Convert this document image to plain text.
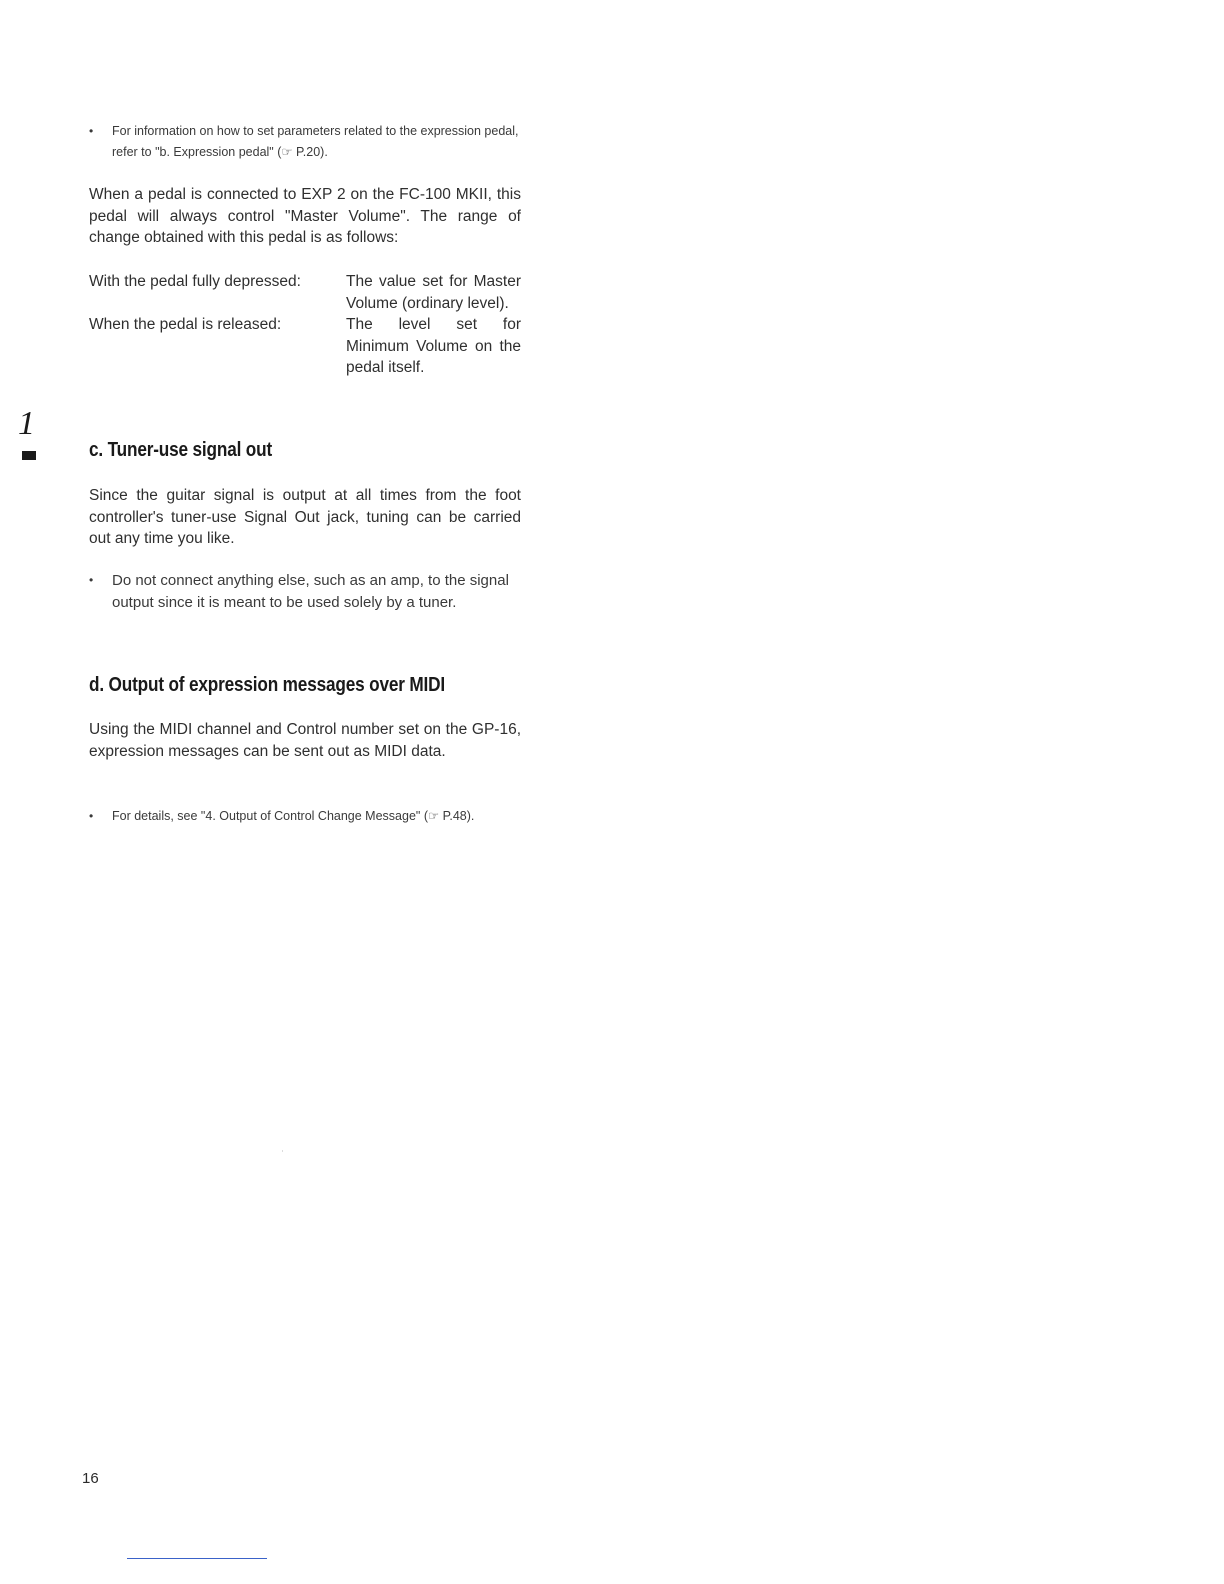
1
• For information on how to set parameters related to the expression pedal, refer to "b. Expression pedal" (☞ P.20).
When a pedal is connected to EXP 2 on the FC-100 MKII, this pedal will always control "Master Volume". The range of change obtained with this pedal is as follows:
With the pedal fully depressed:	The value set for Master Volume (ordinary level).
When the pedal is released:	The level set for Minimum Volume on the pedal itself.
c. Tuner-use signal out
Since the guitar signal is output at all times from the foot controller's tuner-use Signal Out jack, tuning can be carried out any time you like.
• Do not connect anything else, such as an amp, to the signal output since it is meant to be used solely by a tuner.
d. Output of expression messages over MIDI
Using the MIDI channel and Control number set on the GP-16, expression messages can be sent out as MIDI data.
• For details, see "4. Output of Control Change Message" (☞ P.48).
16
